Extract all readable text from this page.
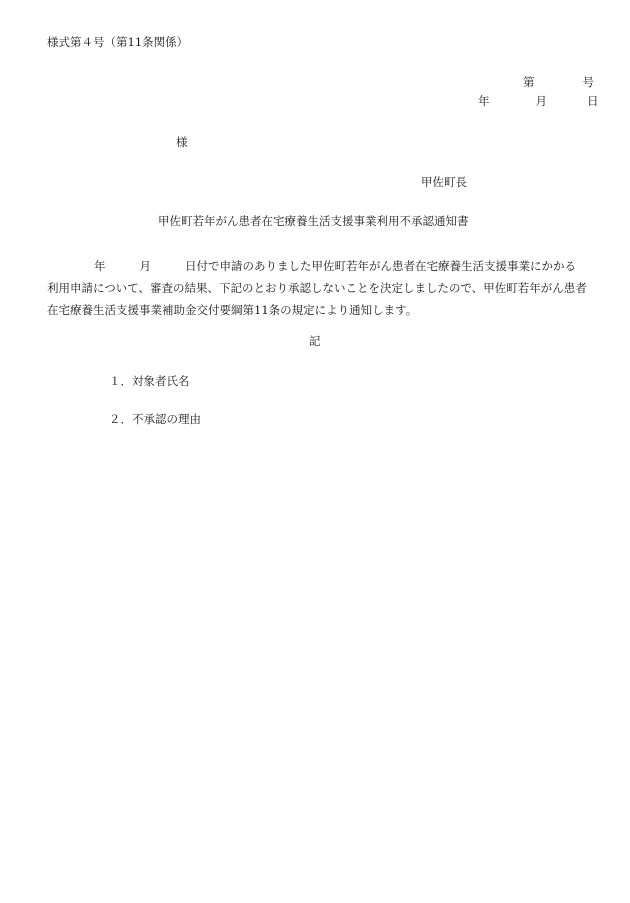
様式第４号（第11条関係）
第	号
年	月	日
様
甲佐町長
甲佐町若年がん患者在宅療養生活支援事業利用不承認通知書
年	月	日付で申請のありました甲佐町若年がん患者在宅療養生活支援事業にかかる利用申請について、審査の結果、下記のとおり承認しないことを決定しましたので、甲佐町若年がん患者在宅療養生活支援事業補助金交付要綱第11条の規定により通知します。
記
１．対象者氏名
２．不承認の理由
